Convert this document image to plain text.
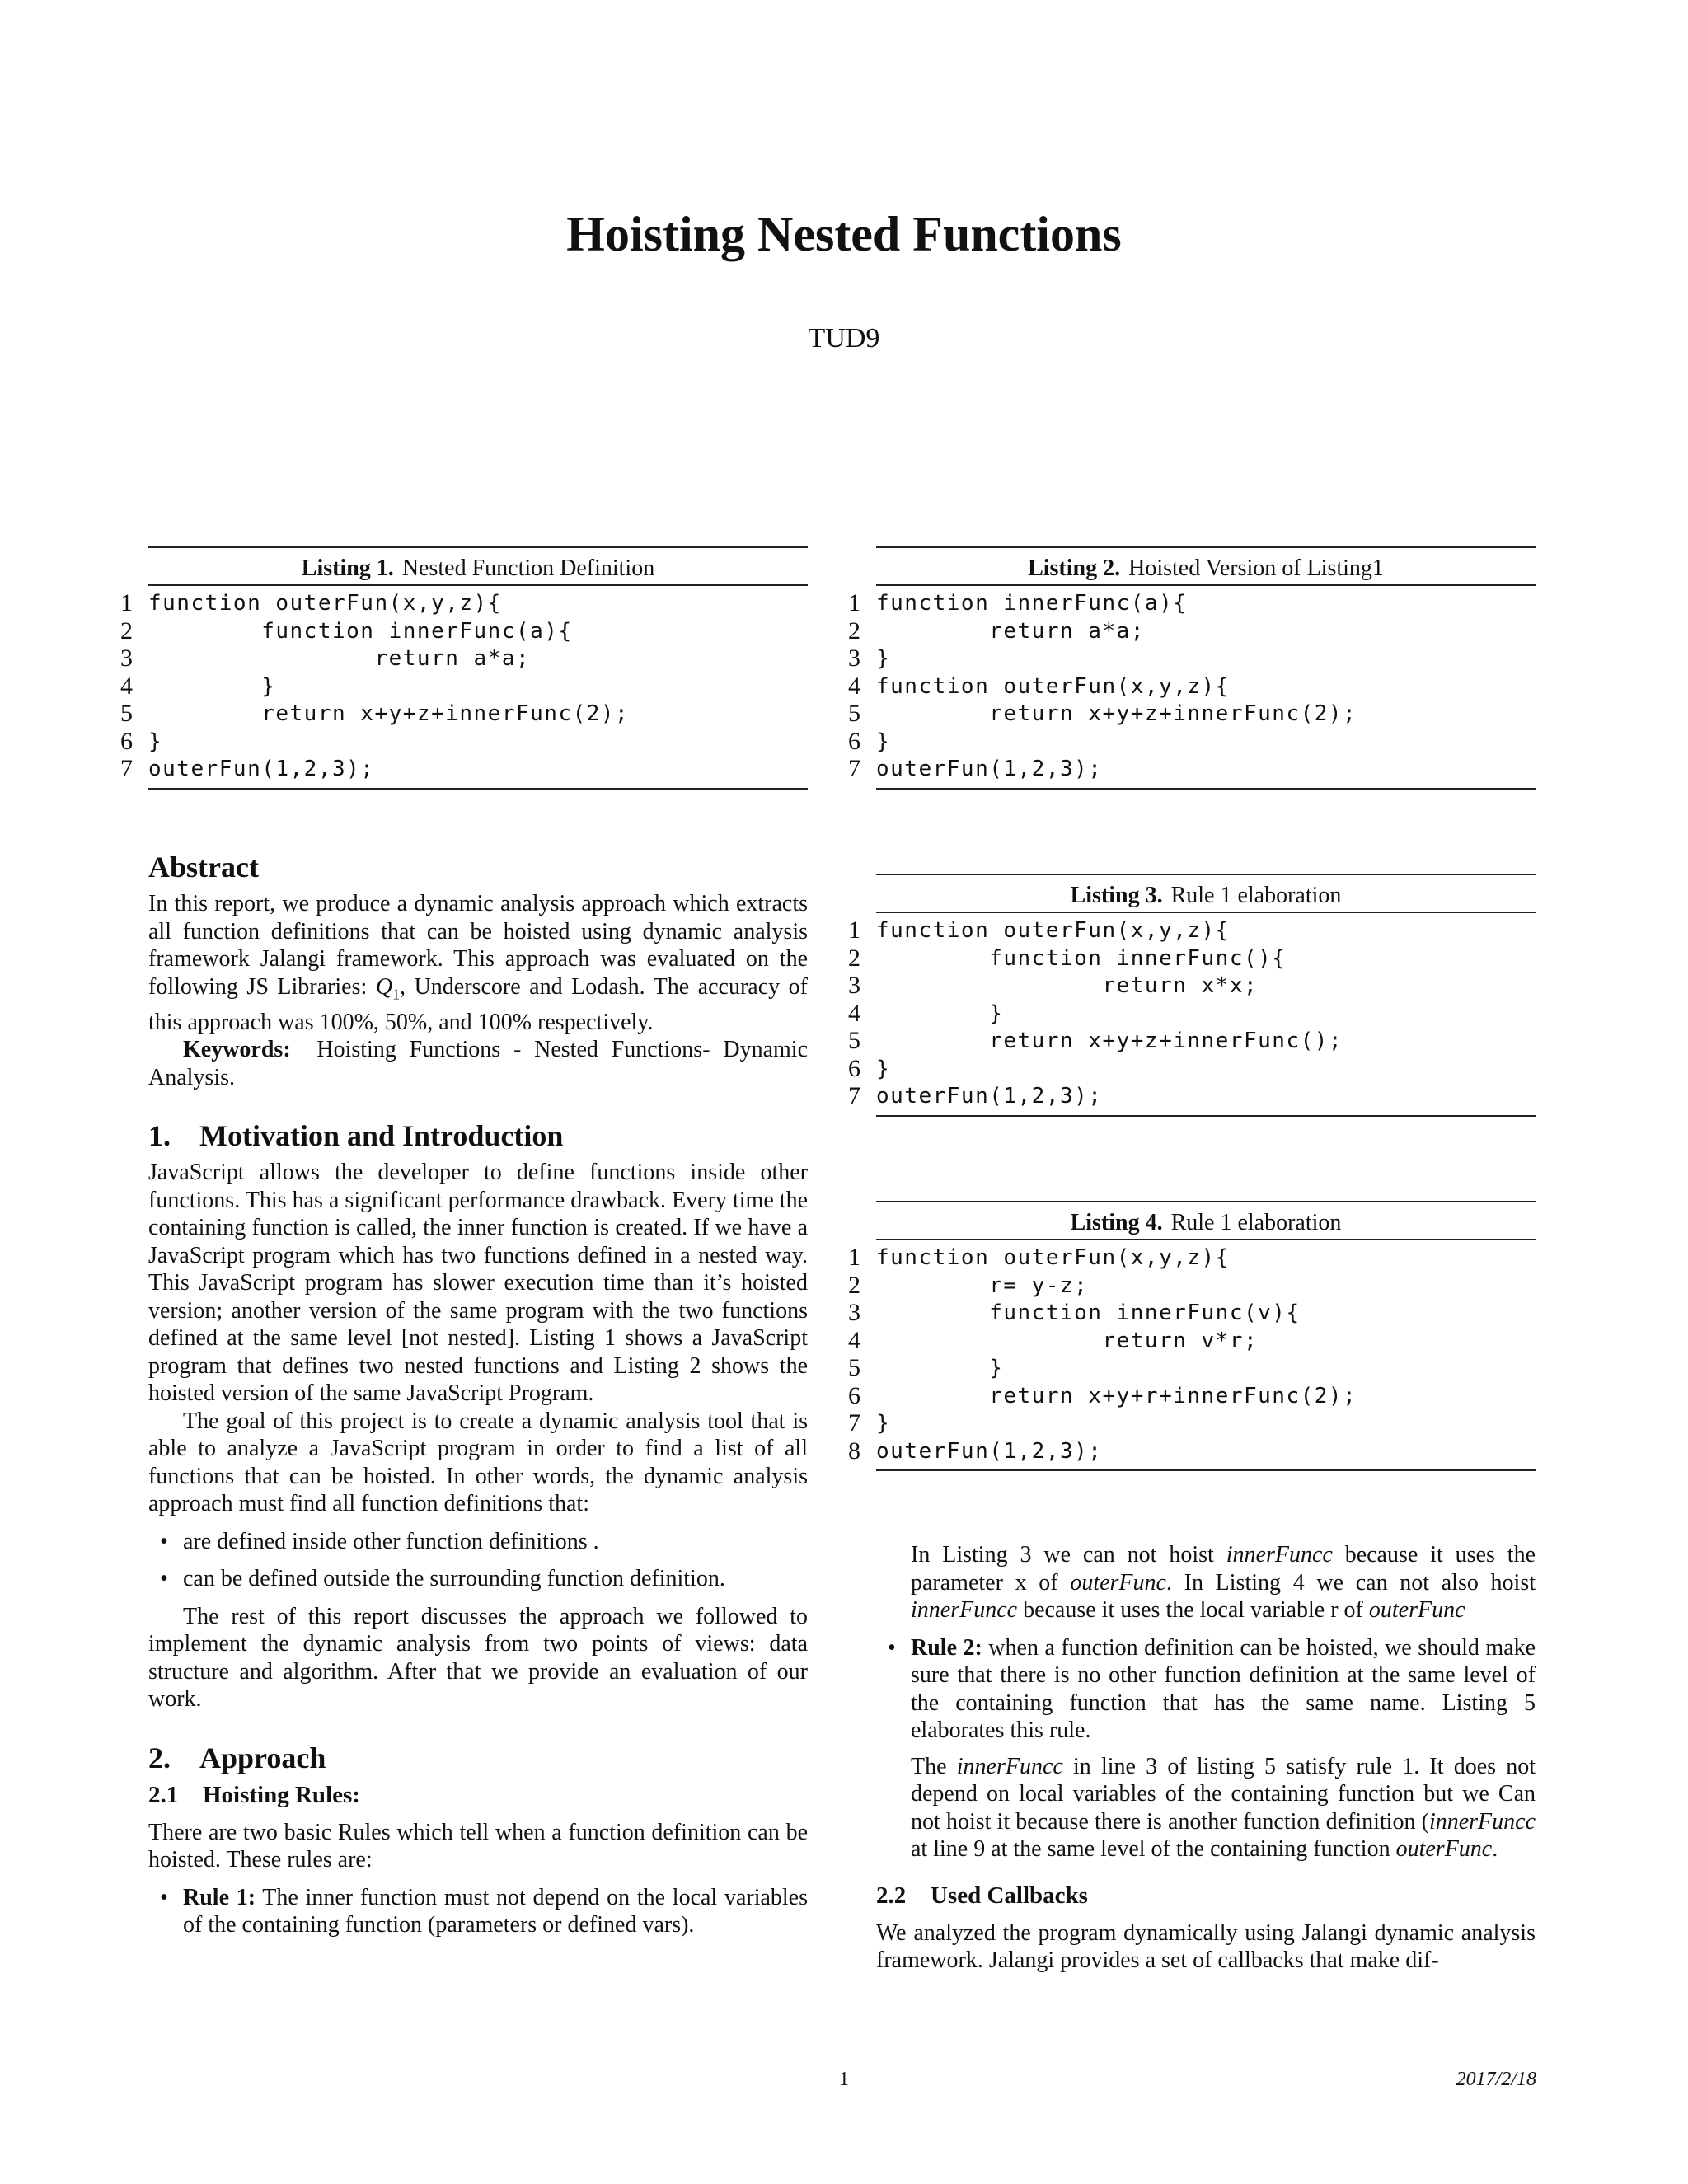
Hoisting Nested Functions
TUD9
Listing 1. Nested Function Definition
1 function outerFun(x,y,z){
2 function innerFunc(a){
3 return a*a;
4 }
5 return x+y+z+innerFunc(2);
6 }
7 outerFun(1,2,3);
Listing 2. Hoisted Version of Listing1
1 function innerFunc(a){
2 return a*a;
3 }
4 function outerFun(x,y,z){
5 return x+y+z+innerFunc(2);
6 }
7 outerFun(1,2,3);
Listing 3. Rule 1 elaboration
1 function outerFun(x,y,z){
2 function innerFunc(){
3 return x*x;
4 }
5 return x+y+z+innerFunc();
6 }
7 outerFun(1,2,3);
Listing 4. Rule 1 elaboration
1 function outerFun(x,y,z){
2 r= y-z;
3 function innerFunc(v){
4 return v*r;
5 }
6 return x+y+r+innerFunc(2);
7 }
8 outerFun(1,2,3);
Abstract

In this report, we produce a dynamic analysis approach which extracts all function definitions that can be hoisted using dynamic analysis framework Jalangi framework. This approach was evaluated on the following JS Libraries: $Q_1$, Underscore and Lodash. The accuracy of this approach was 100%, 50%, and 100% respectively.

Keywords: Hoisting Functions - Nested Functions- Dynamic Analysis.

1. Motivation and Introduction

JavaScript allows the developer to define functions inside other functions. This has a significant performance drawback. Every time the containing function is called, the inner function is created. If we have a JavaScript program which has two functions defined in a nested way. This JavaScript program has slower execution time than it’s hoisted version; another version of the same program with the two functions defined at the same level [not nested]. Listing 1 shows a JavaScript program that defines two nested functions and Listing 2 shows the hoisted version of the same JavaScript Program.

The goal of this project is to create a dynamic analysis tool that is able to analyze a JavaScript program in order to find a list of all functions that can be hoisted. In other words, the dynamic analysis approach must find all function definitions that:

• are defined inside other function definitions .
• can be defined outside the surrounding function definition.

The rest of this report discusses the approach we followed to implement the dynamic analysis from two points of views: data structure and algorithm. After that we provide an evaluation of our work.

2. Approach
2.1 Hoisting Rules:

There are two basic Rules which tell when a function definition can be hoisted. These rules are:

• Rule 1: The inner function must not depend on the local variables of the containing function (parameters or defined vars).

In Listing 3 we can not hoist innerFuncc because it uses the parameter x of outerFunc. In Listing 4 we can not also hoist innerFuncc because it uses the local variable r of outerFunc

• Rule 2: when a function definition can be hoisted, we should make sure that there is no other function definition at the same level of the containing function that has the same name. Listing 5 elaborates this rule.

The innerFuncc in line 3 of listing 5 satisfy rule 1. It does not depend on local variables of the containing function but we Can not hoist it because there is another function definition (innerFuncc at line 9 at the same level of the containing function outerFunc.

2.2 Used Callbacks

We analyzed the program dynamically using Jalangi dynamic analysis framework. Jalangi provides a set of callbacks that make dif-

1	2017/2/18
